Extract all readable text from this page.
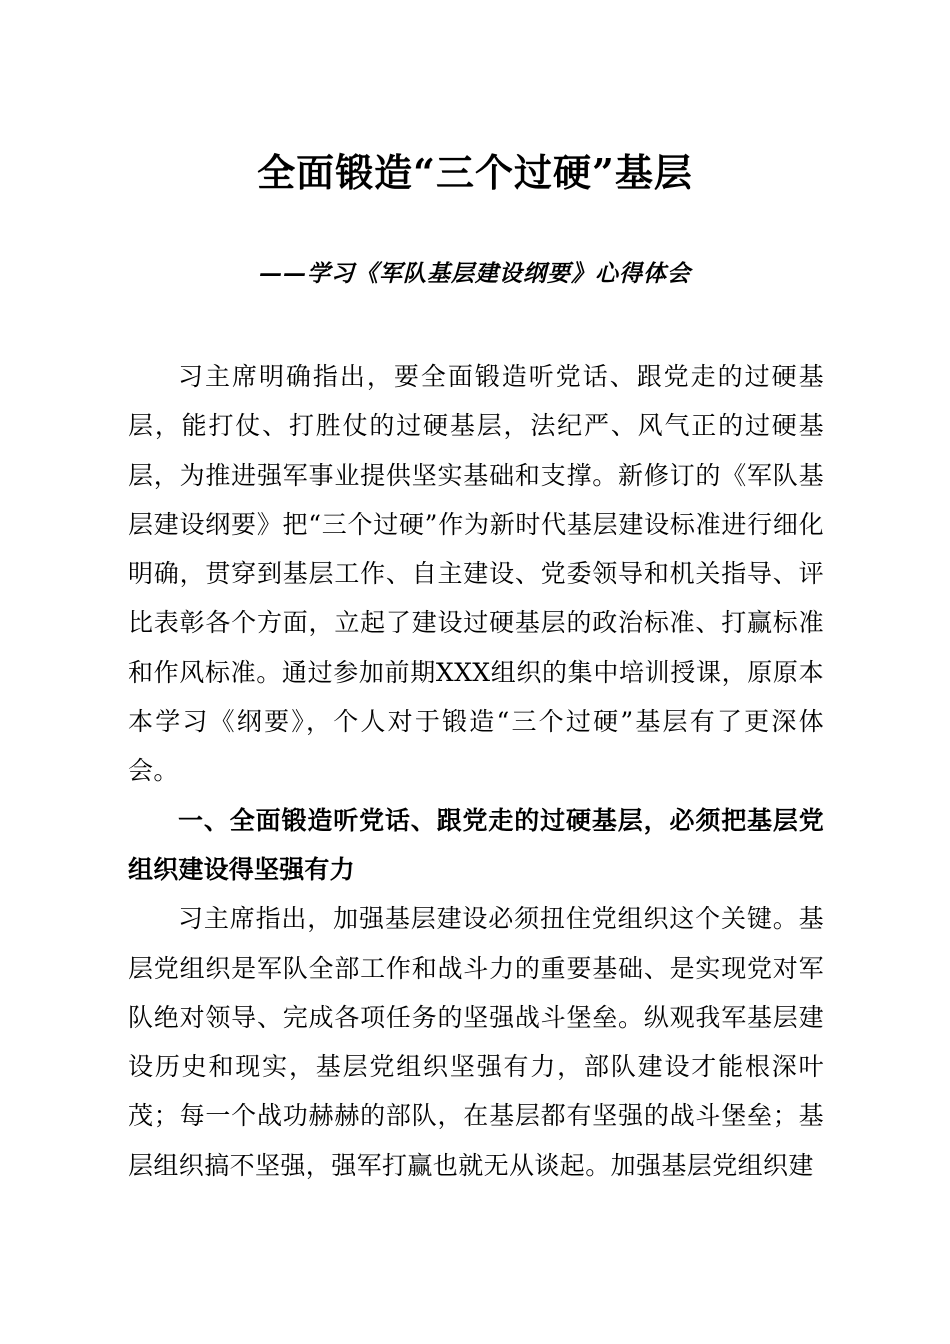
全面锻造“三个过硬”基层
——学习《军队基层建设纲要》心得体会

习主席明确指出，要全面锻造听党话、跟党走的过硬基层，能打仗、打胜仗的过硬基层，法纪严、风气正的过硬基层，为推进强军事业提供坚实基础和支撑。新修订的《军队基层建设纲要》把“三个过硬”作为新时代基层建设标准进行细化明确，贯穿到基层工作、自主建设、党委领导和机关指导、评比表彰各个方面，立起了建设过硬基层的政治标准、打赢标准和作风标准。通过参加前期XXX组织的集中培训授课，原原本本学习《纲要》，个人对于锻造“三个过硬”基层有了更深体会。

一、全面锻造听党话、跟党走的过硬基层，必须把基层党组织建设得坚强有力

习主席指出，加强基层建设必须扭住党组织这个关键。基层党组织是军队全部工作和战斗力的重要基础、是实现党对军队绝对领导、完成各项任务的坚强战斗堡垒。纵观我军基层建设历史和现实，基层党组织坚强有力，部队建设才能根深叶茂；每一个战功赫赫的部队，在基层都有坚强的战斗堡垒；基层组织搞不坚强，强军打赢也就无从谈起。加强基层党组织建
